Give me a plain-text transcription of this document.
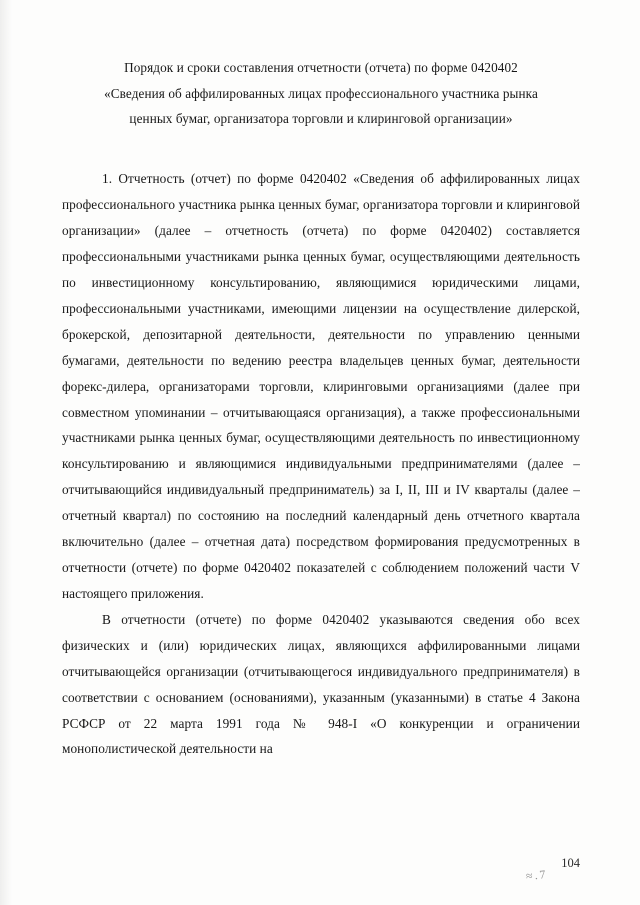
Порядок и сроки составления отчетности (отчета) по форме 0420402
«Сведения об аффилированных лицах профессионального участника рынка
ценных бумаг, организатора торговли и клиринговой организации»

1. Отчетность (отчет) по форме 0420402 «Сведения об аффилированных лицах профессионального участника рынка ценных бумаг, организатора торговли и клиринговой организации» (далее – отчетность (отчета) по форме 0420402) составляется профессиональными участниками рынка ценных бумаг, осуществляющими деятельность по инвестиционному консультированию, являющимися юридическими лицами, профессиональными участниками, имеющими лицензии на осуществление дилерской, брокерской, депозитарной деятельности, деятельности по управлению ценными бумагами, деятельности по ведению реестра владельцев ценных бумаг, деятельности форекс-дилера, организаторами торговли, клиринговыми организациями (далее при совместном упоминании – отчитывающаяся организация), а также профессиональными участниками рынка ценных бумаг, осуществляющими деятельность по инвестиционному консультированию и являющимися индивидуальными предпринимателями (далее – отчитывающийся индивидуальный предприниматель) за I, II, III и IV кварталы (далее – отчетный квартал) по состоянию на последний календарный день отчетного квартала включительно (далее – отчетная дата) посредством формирования предусмотренных в отчетности (отчете) по форме 0420402 показателей с соблюдением положений части V настоящего приложения.

В отчетности (отчете) по форме 0420402 указываются сведения обо всех физических и (или) юридических лицах, являющихся аффилированными лицами отчитывающейся организации (отчитывающегося индивидуального предпринимателя) в соответствии с основанием (основаниями), указанным (указанными) в статье 4 Закона РСФСР от 22 марта 1991 года № 948-I «О конкуренции и ограничении монополистической деятельности на

≈.7
104
